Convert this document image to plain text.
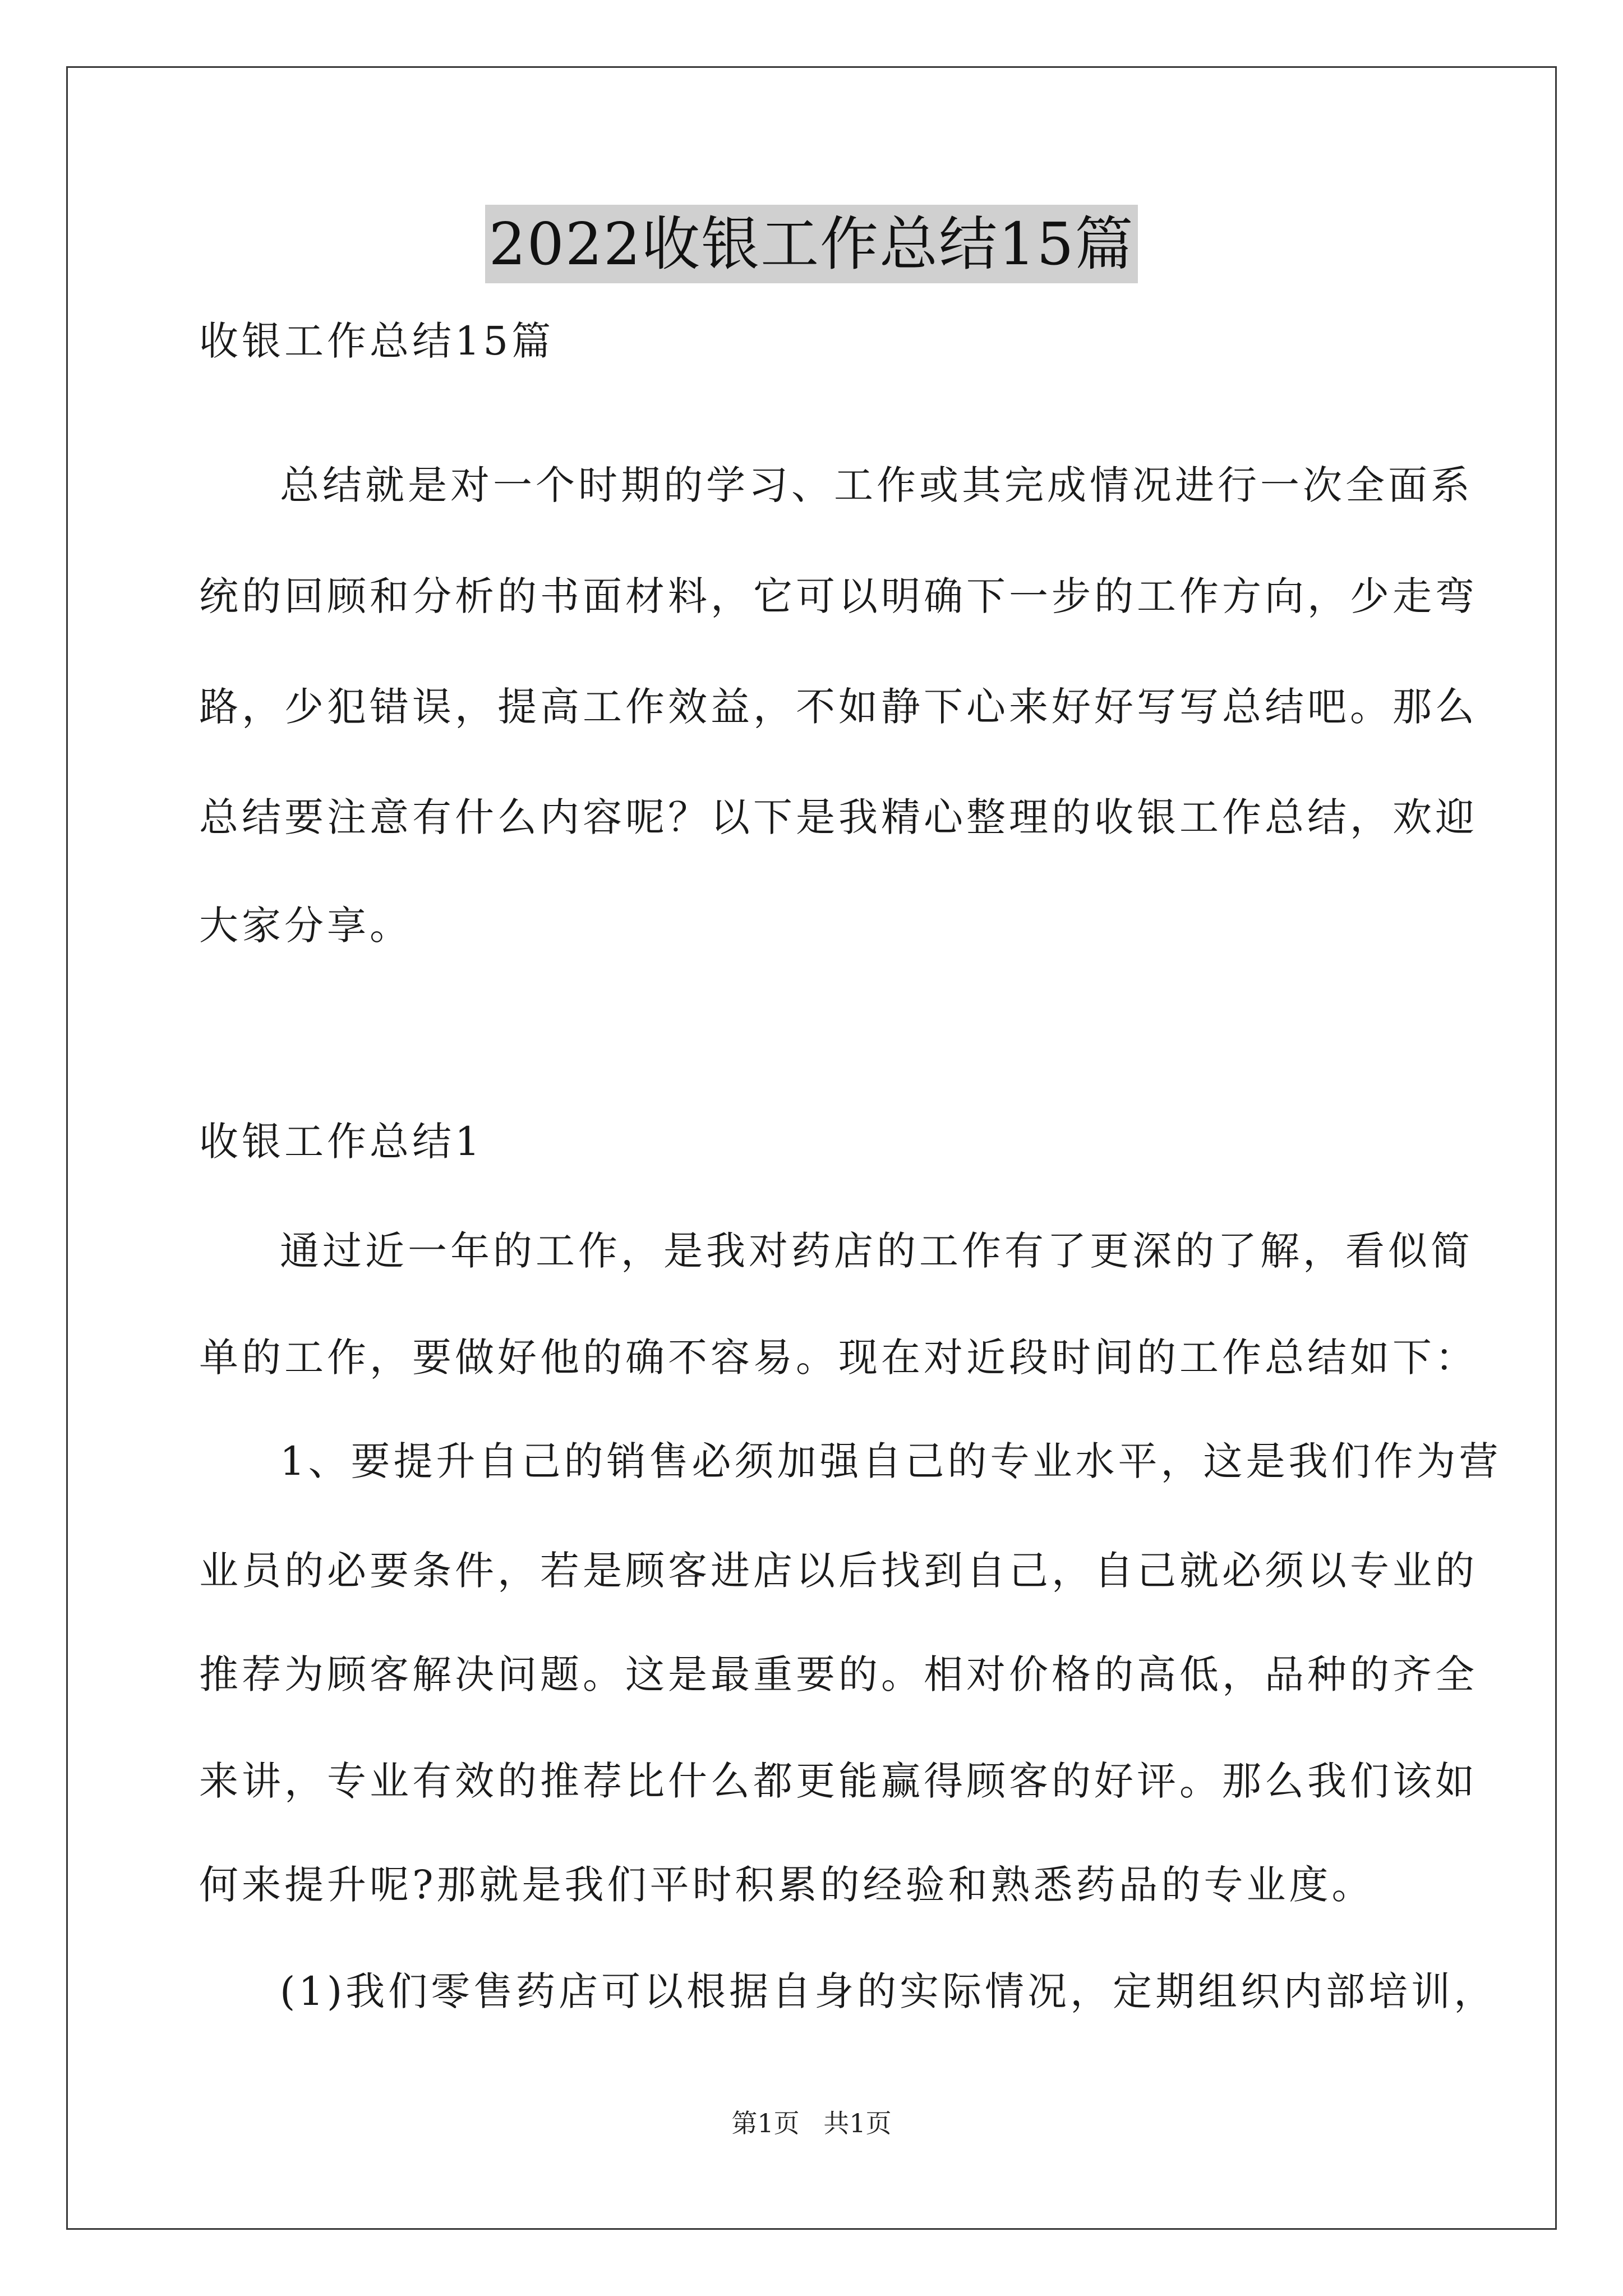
2022收银工作总结15篇
收银工作总结15篇
总结就是对一个时期的学习、工作或其完成情况进行一次全面系
统的回顾和分析的书面材料，它可以明确下一步的工作方向，少走弯
路，少犯错误，提高工作效益，不如静下心来好好写写总结吧。那么
总结要注意有什么内容呢？以下是我精心整理的收银工作总结，欢迎
大家分享。
收银工作总结1
通过近一年的工作，是我对药店的工作有了更深的了解，看似简
单的工作，要做好他的确不容易。现在对近段时间的工作总结如下：
1、要提升自己的销售必须加强自己的专业水平，这是我们作为营
业员的必要条件，若是顾客进店以后找到自己，自己就必须以专业的
推荐为顾客解决问题。这是最重要的。相对价格的高低，品种的齐全
来讲，专业有效的推荐比什么都更能赢得顾客的好评。那么我们该如
何来提升呢?那就是我们平时积累的经验和熟悉药品的专业度。
(1)我们零售药店可以根据自身的实际情况，定期组织内部培训，
第1页 共1页
